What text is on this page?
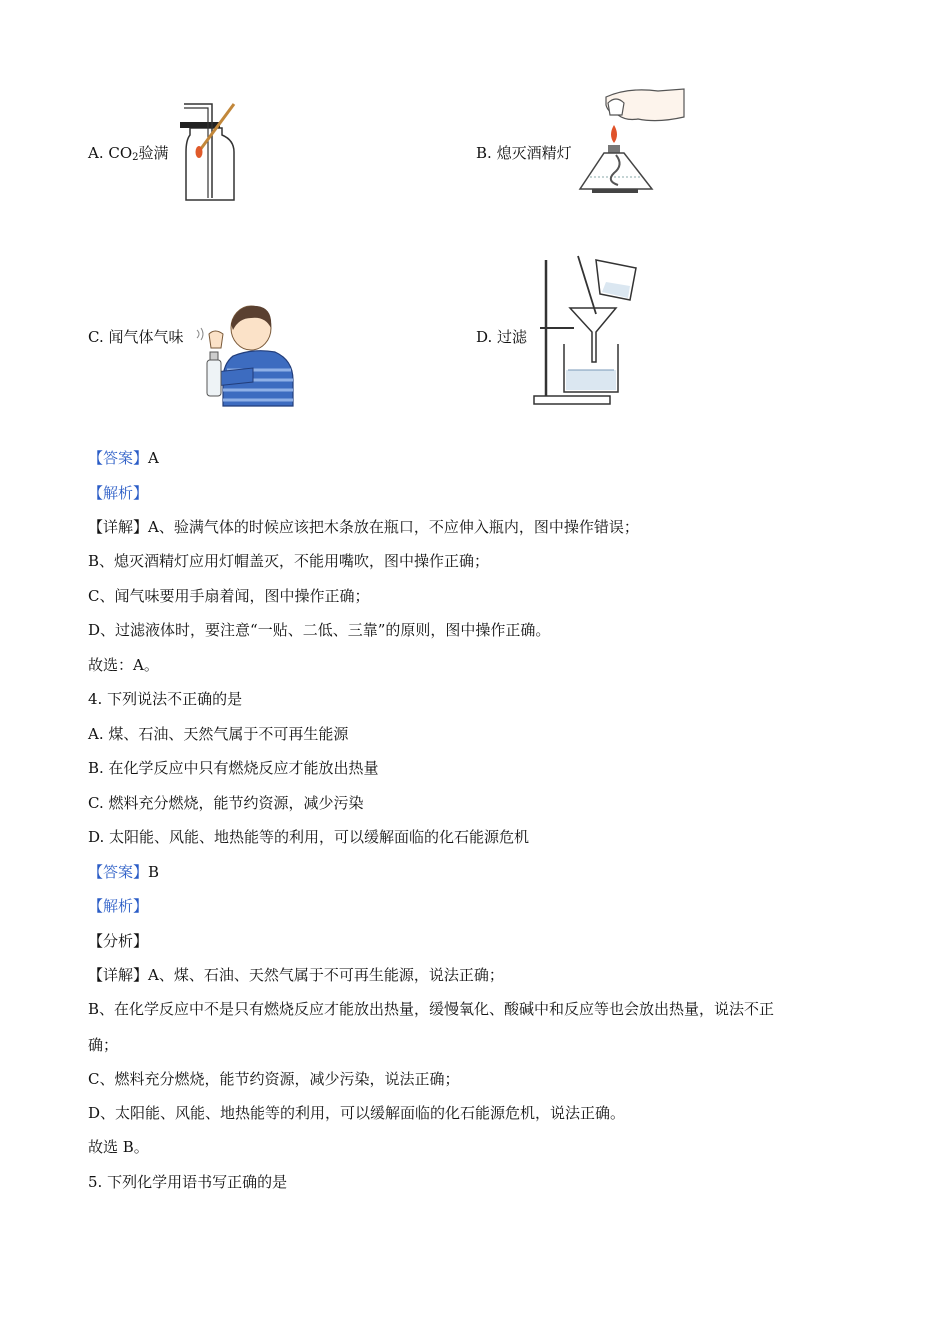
A. $CO_2$验满	B. 熄灭酒精灯
C. 闻气体气味	D. 过滤
【答案】A
【解析】
【详解】A、验满气体的时候应该把木条放在瓶口，不应伸入瓶内，图中操作错误；
B、熄灭酒精灯应用灯帽盖灭，不能用嘴吹，图中操作正确；
C、闻气味要用手扇着闻，图中操作正确；
D、过滤液体时，要注意“一贴、二低、三靠”的原则，图中操作正确。
故选：A。
4. 下列说法不正确的是
A. 煤、石油、天然气属于不可再生能源
B. 在化学反应中只有燃烧反应才能放出热量
C. 燃料充分燃烧，能节约资源，减少污染
D. 太阳能、风能、地热能等的利用，可以缓解面临的化石能源危机
【答案】B
【解析】
【分析】
【详解】A、煤、石油、天然气属于不可再生能源，说法正确；
B、在化学反应中不是只有燃烧反应才能放出热量，缓慢氧化、酸碱中和反应等也会放出热量，说法不正
确；
C、燃料充分燃烧，能节约资源，减少污染，说法正确；
D、太阳能、风能、地热能等的利用，可以缓解面临的化石能源危机，说法正确。
故选 B。
5. 下列化学用语书写正确的是
